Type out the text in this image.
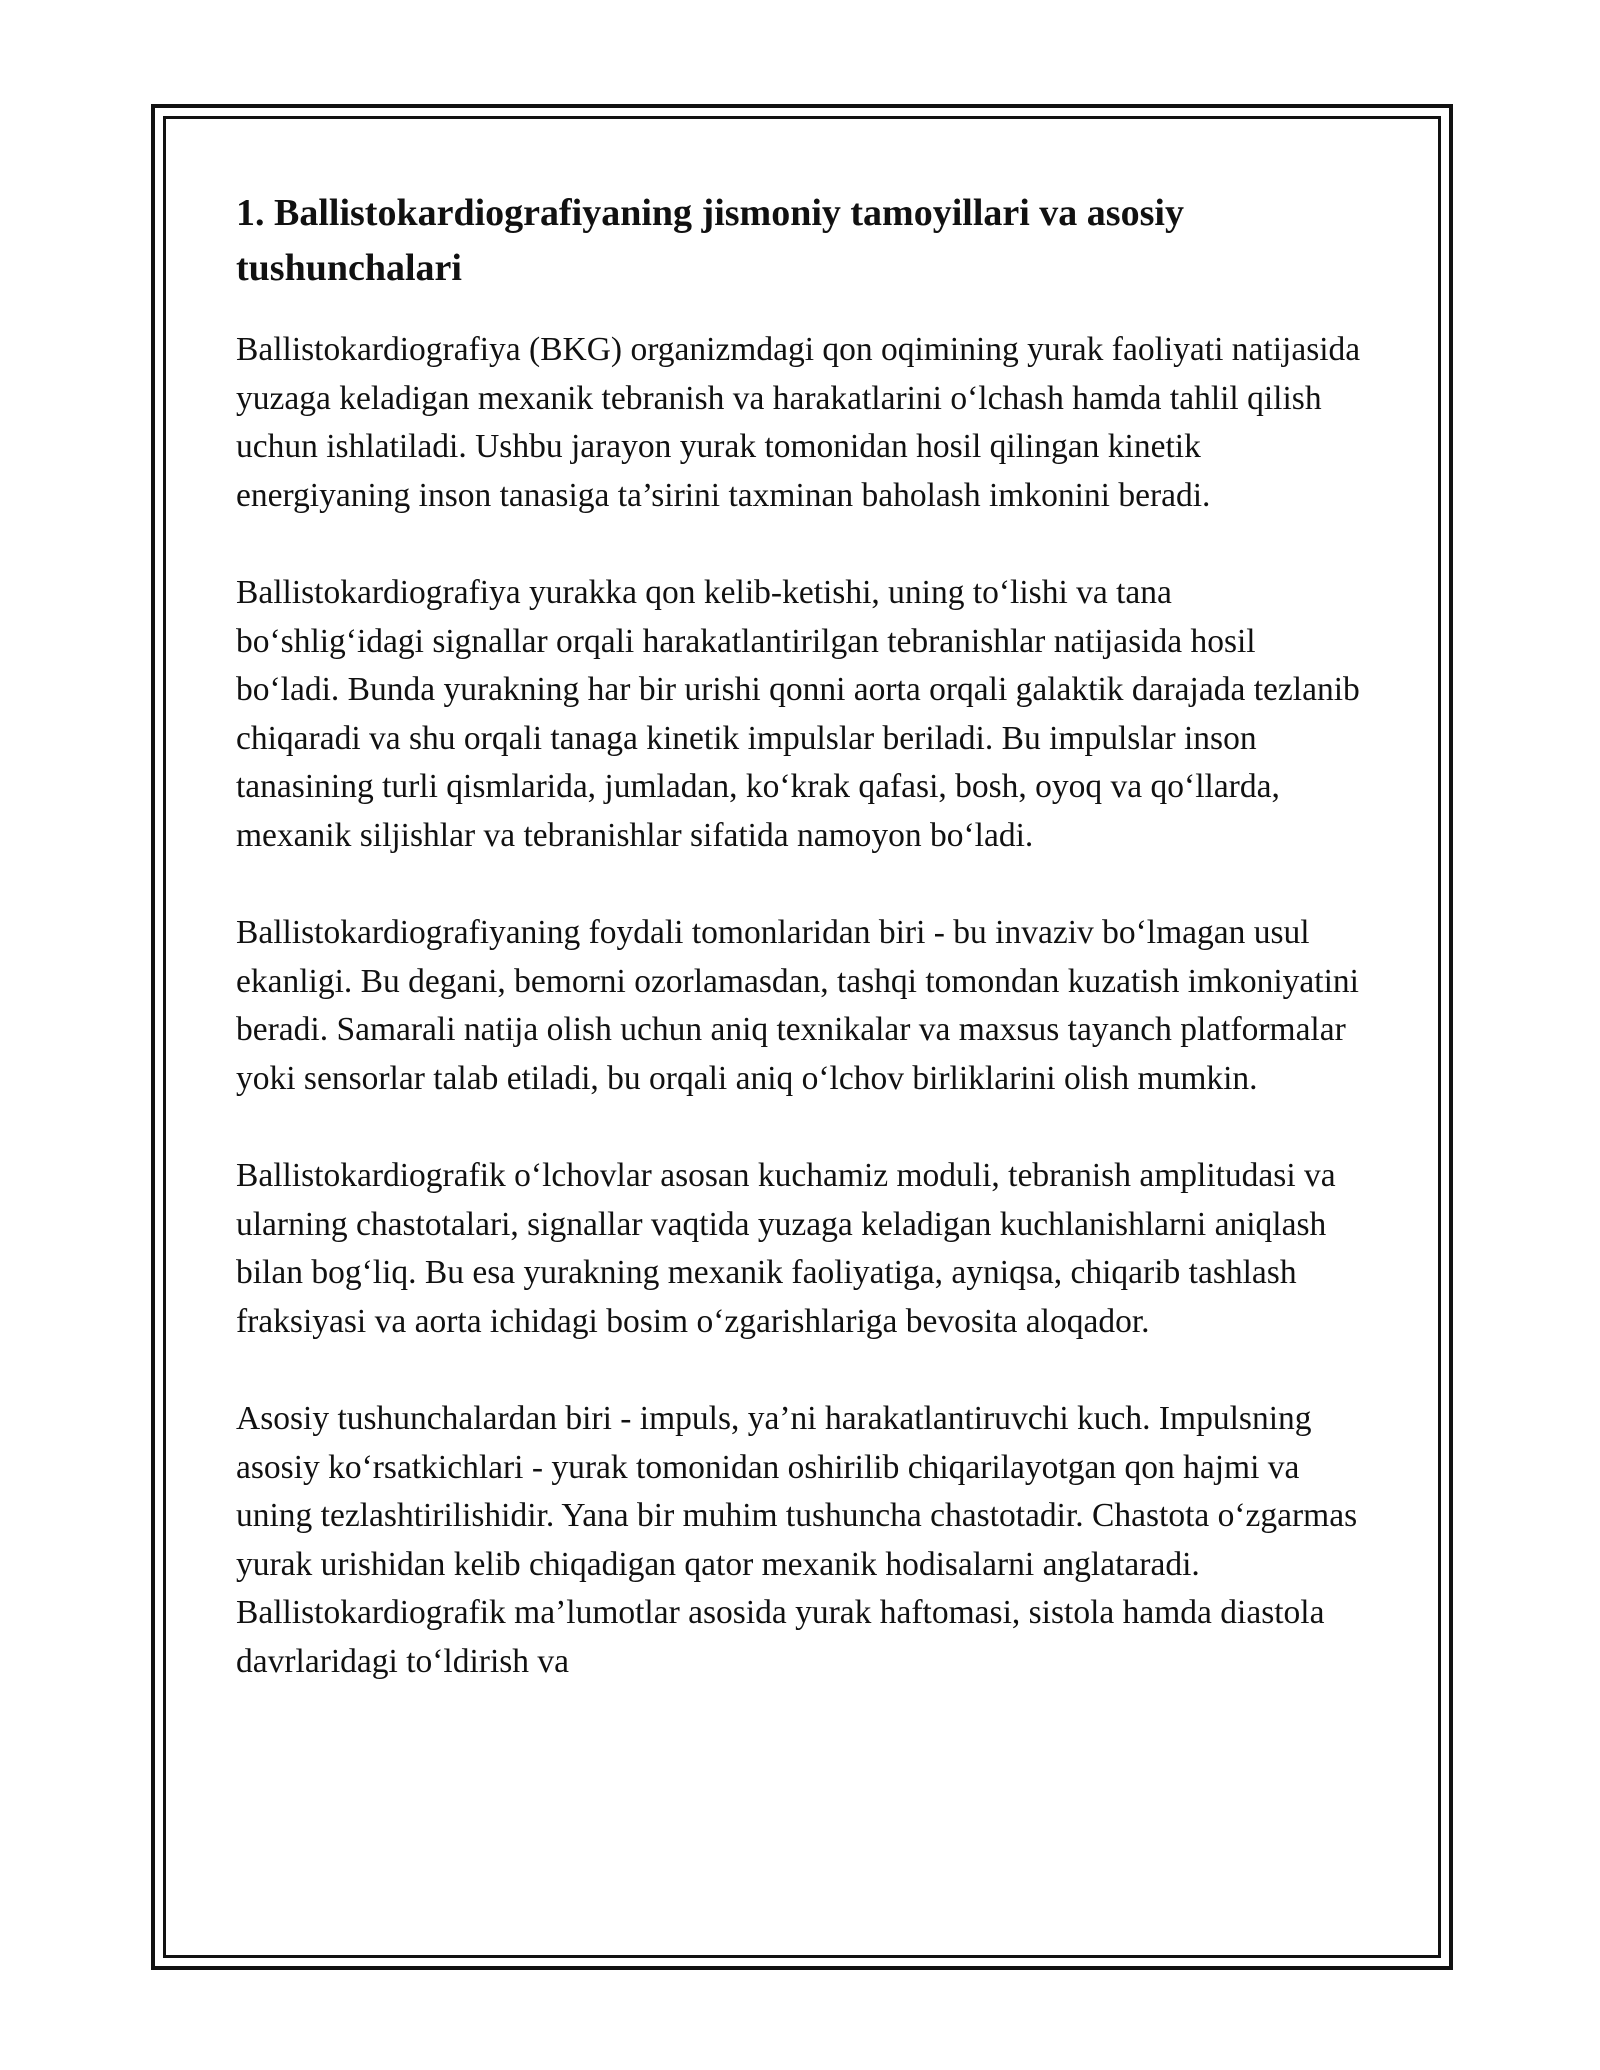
1. Ballistokardiografiyaning jismoniy tamoyillari va asosiy tushunchalari

Ballistokardiografiya (BKG) organizmdagi qon oqimining yurak faoliyati natijasida yuzaga keladigan mexanik tebranish va harakatlarini o‘lchash hamda tahlil qilish uchun ishlatiladi. Ushbu jarayon yurak tomonidan hosil qilingan kinetik energiyaning inson tanasiga ta’sirini taxminan baholash imkonini beradi.

Ballistokardiografiya yurakka qon kelib-ketishi, uning to‘lishi va tana bo‘shlig‘idagi signallar orqali harakatlantirilgan tebranishlar natijasida hosil bo‘ladi. Bunda yurakning har bir urishi qonni aorta orqali galaktik darajada tezlanib chiqaradi va shu orqali tanaga kinetik impulslar beriladi. Bu impulslar inson tanasining turli qismlarida, jumladan, ko‘krak qafasi, bosh, oyoq va qo‘llarda, mexanik siljishlar va tebranishlar sifatida namoyon bo‘ladi.

Ballistokardiografiyaning foydali tomonlaridan biri - bu invaziv bo‘lmagan usul ekanligi. Bu degani, bemorni ozorlamasdan, tashqi tomondan kuzatish imkoniyatini beradi. Samarali natija olish uchun aniq texnikalar va maxsus tayanch platformalar yoki sensorlar talab etiladi, bu orqali aniq o‘lchov birliklarini olish mumkin.

Ballistokardiografik o‘lchovlar asosan kuchamiz moduli, tebranish amplitudasi va ularning chastotalari, signallar vaqtida yuzaga keladigan kuchlanishlarni aniqlash bilan bog‘liq. Bu esa yurakning mexanik faoliyatiga, ayniqsa, chiqarib tashlash fraksiyasi va aorta ichidagi bosim o‘zgarishlariga bevosita aloqador.

Asosiy tushunchalardan biri - impuls, ya’ni harakatlantiruvchi kuch. Impulsning asosiy ko‘rsatkichlari - yurak tomonidan oshirilib chiqarilayotgan qon hajmi va uning tezlashtirilishidir. Yana bir muhim tushuncha chastotadir. Chastota o‘zgarmas yurak urishidan kelib chiqadigan qator mexanik hodisalarni anglataradi. Ballistokardiografik ma’lumotlar asosida yurak haftomasi, sistola hamda diastola davrlaridagi to‘ldirish va
